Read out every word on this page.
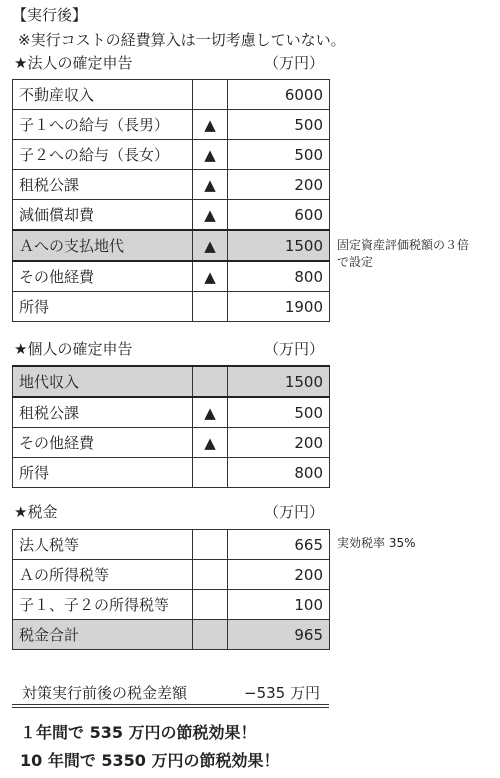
【実行後】
※実行コストの経費算入は一切考慮していない。
★法人の確定申告	（万円）
不動産収入		6000
子１への給与（長男）	▲	500
子２への給与（長女）	▲	500
租税公課	▲	200
減価償却費	▲	600
Ａへの支払地代	▲	1500
その他経費	▲	800
所得		1900
固定資産評価税額の３倍
で設定
★個人の確定申告	（万円）
地代収入		1500
租税公課	▲	500
その他経費	▲	200
所得		800
★税金	（万円）
法人税等		665
Ａの所得税等		200
子１、子２の所得税等		100
税金合計		965
実効税率 35%
対策実行前後の税金差額	−535 万円
１年間で 535 万円の節税効果！
10 年間で 5350 万円の節税効果！
